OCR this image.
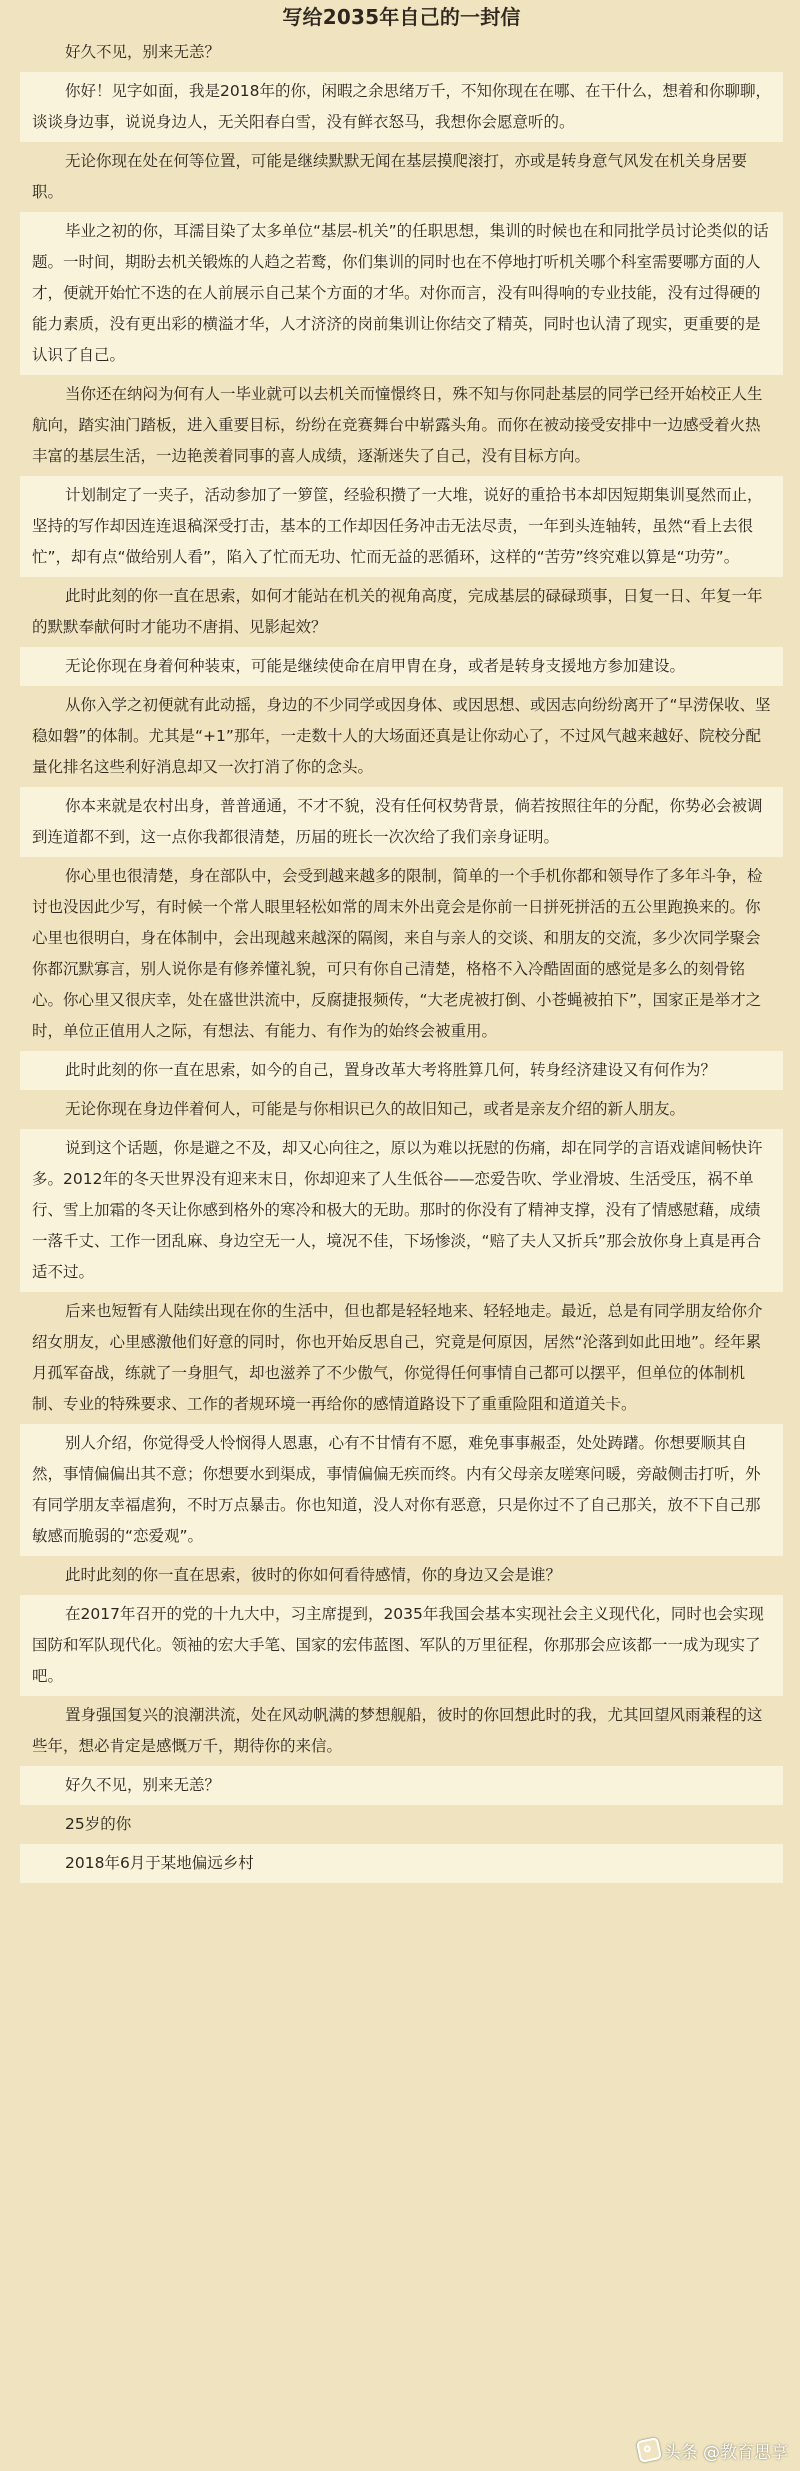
写给2035年自己的一封信

好久不见，别来无恙？

你好！见字如面，我是2018年的你，闲暇之余思绪万千，不知你现在在哪、在干什么，想着和你聊聊，谈谈身边事，说说身边人，无关阳春白雪，没有鲜衣怒马，我想你会愿意听的。

无论你现在处在何等位置，可能是继续默默无闻在基层摸爬滚打，亦或是转身意气风发在机关身居要职。

毕业之初的你，耳濡目染了太多单位“基层-机关”的任职思想，集训的时候也在和同批学员讨论类似的话题。一时间，期盼去机关锻炼的人趋之若鹜，你们集训的同时也在不停地打听机关哪个科室需要哪方面的人才，便就开始忙不迭的在人前展示自己某个方面的才华。对你而言，没有叫得响的专业技能，没有过得硬的能力素质，没有更出彩的横溢才华，人才济济的岗前集训让你结交了精英，同时也认清了现实，更重要的是认识了自己。

当你还在纳闷为何有人一毕业就可以去机关而憧憬终日，殊不知与你同赴基层的同学已经开始校正人生航向，踏实油门踏板，进入重要目标，纷纷在竞赛舞台中崭露头角。而你在被动接受安排中一边感受着火热丰富的基层生活，一边艳羡着同事的喜人成绩，逐渐迷失了自己，没有目标方向。

计划制定了一夹子，活动参加了一箩筐，经验积攒了一大堆，说好的重拾书本却因短期集训戛然而止，坚持的写作却因连连退稿深受打击，基本的工作却因任务冲击无法尽责，一年到头连轴转，虽然“看上去很忙”，却有点“做给别人看”，陷入了忙而无功、忙而无益的恶循环，这样的“苦劳”终究难以算是“功劳”。

此时此刻的你一直在思索，如何才能站在机关的视角高度，完成基层的碌碌琐事，日复一日、年复一年的默默奉献何时才能功不唐捐、见影起效？

无论你现在身着何种装束，可能是继续使命在肩甲胄在身，或者是转身支援地方参加建设。

从你入学之初便就有此动摇，身边的不少同学或因身体、或因思想、或因志向纷纷离开了“早涝保收、坚稳如磐”的体制。尤其是“+1”那年，一走数十人的大场面还真是让你动心了，不过风气越来越好、院校分配量化排名这些利好消息却又一次打消了你的念头。

你本来就是农村出身，普普通通，不才不貌，没有任何权势背景，倘若按照往年的分配，你势必会被调到连道都不到，这一点你我都很清楚，历届的班长一次次给了我们亲身证明。

你心里也很清楚，身在部队中，会受到越来越多的限制，简单的一个手机你都和领导作了多年斗争，检讨也没因此少写，有时候一个常人眼里轻松如常的周末外出竟会是你前一日拼死拼活的五公里跑换来的。你心里也很明白，身在体制中，会出现越来越深的隔阂，来自与亲人的交谈、和朋友的交流，多少次同学聚会你都沉默寡言，别人说你是有修养懂礼貌，可只有你自己清楚，格格不入冷酷固面的感觉是多么的刻骨铭心。你心里又很庆幸，处在盛世洪流中，反腐捷报频传，“大老虎被打倒、小苍蝇被拍下”，国家正是举才之时，单位正值用人之际，有想法、有能力、有作为的始终会被重用。

此时此刻的你一直在思索，如今的自己，置身改革大考将胜算几何，转身经济建设又有何作为？

无论你现在身边伴着何人，可能是与你相识已久的故旧知己，或者是亲友介绍的新人朋友。

说到这个话题，你是避之不及，却又心向往之，原以为难以抚慰的伤痛，却在同学的言语戏谑间畅快许多。2012年的冬天世界没有迎来末日，你却迎来了人生低谷——恋爱告吹、学业滑坡、生活受压，祸不单行、雪上加霜的冬天让你感到格外的寒冷和极大的无助。那时的你没有了精神支撑，没有了情感慰藉，成绩一落千丈、工作一团乱麻、身边空无一人，境况不佳，下场惨淡，“赔了夫人又折兵”那会放你身上真是再合适不过。

后来也短暂有人陆续出现在你的生活中，但也都是轻轻地来、轻轻地走。最近，总是有同学朋友给你介绍女朋友，心里感激他们好意的同时，你也开始反思自己，究竟是何原因，居然“沦落到如此田地”。经年累月孤军奋战，练就了一身胆气，却也滋养了不少傲气，你觉得任何事情自己都可以摆平，但单位的体制机制、专业的特殊要求、工作的者规环境一再给你的感情道路设下了重重险阻和道道关卡。

别人介绍，你觉得受人怜悯得人恩惠，心有不甘情有不愿，难免事事赧歪，处处踌躇。你想要顺其自然，事情偏偏出其不意；你想要水到渠成，事情偏偏无疾而终。内有父母亲友嗟寒问暖，旁敲侧击打听，外有同学朋友幸福虐狗，不时万点暴击。你也知道，没人对你有恶意，只是你过不了自己那关，放不下自己那敏感而脆弱的“恋爱观”。

此时此刻的你一直在思索，彼时的你如何看待感情，你的身边又会是谁？

在2017年召开的党的十九大中，习主席提到，2035年我国会基本实现社会主义现代化，同时也会实现国防和军队现代化。领袖的宏大手笔、国家的宏伟蓝图、军队的万里征程，你那那会应该都一一成为现实了吧。

置身强国复兴的浪潮洪流，处在风动帆满的梦想舰船，彼时的你回想此时的我，尤其回望风雨兼程的这些年，想必肯定是感慨万千，期待你的来信。

好久不见，别来无恙？

25岁的你

2018年6月于某地偏远乡村

头条 @教育思享
